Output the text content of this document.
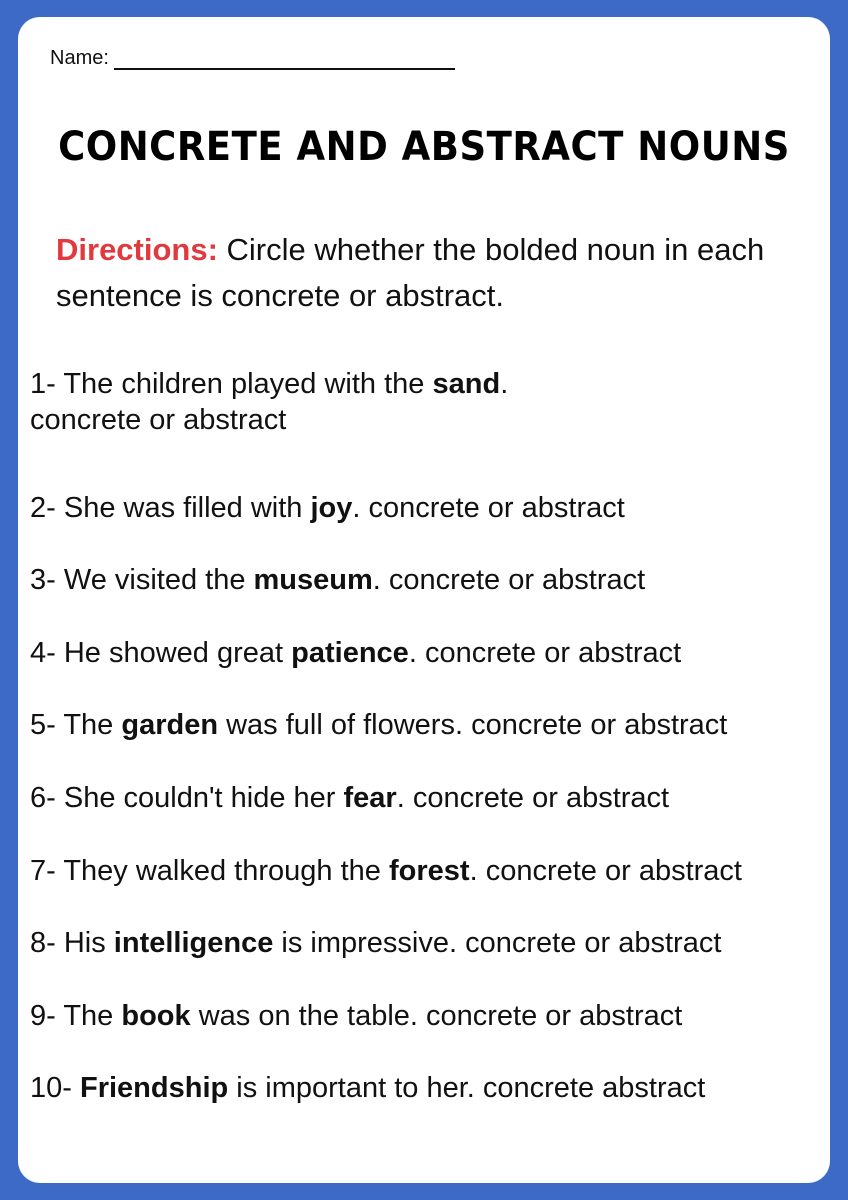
Name:
CONCRETE AND ABSTRACT NOUNS
Directions: Circle whether the bolded noun in each sentence is concrete or abstract.
1- The children played with the sand.
concrete or abstract
2- She was filled with joy. concrete or abstract
3- We visited the museum. concrete or abstract
4- He showed great patience. concrete or abstract
5- The garden was full of flowers. concrete or abstract
6- She couldn't hide her fear. concrete or abstract
7- They walked through the forest. concrete or abstract
8- His intelligence is impressive. concrete or abstract
9- The book was on the table. concrete or abstract
10- Friendship is important to her. concrete abstract
